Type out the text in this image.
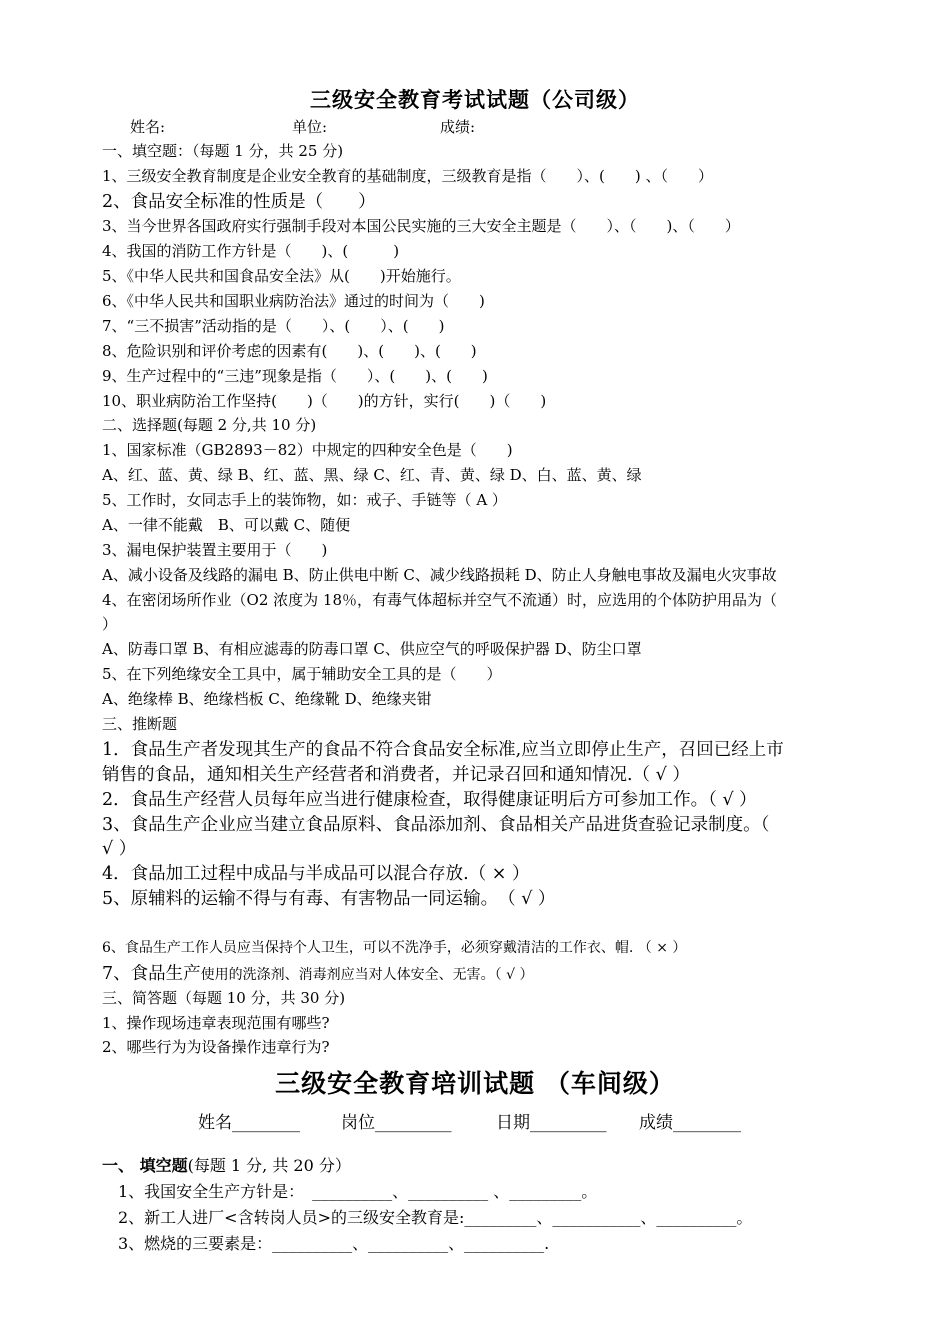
三级安全教育考试试题（公司级）
姓名:	单位:	成绩:
一、填空题：（每题 1 分，共 25 分)
1、三级安全教育制度是企业安全教育的基础制度，三级教育是指（　　）、(　　) 、（　　）
2、食品安全标准的性质是（　　）
3、当今世界各国政府实行强制手段对本国公民实施的三大安全主题是（　　）、（　　)、（　　）
4、我国的消防工作方针是（　　)、(　　　)
5、《中华人民共和国食品安全法》从(　　)开始施行。
6、《中华人民共和国职业病防治法》通过的时间为（　　)
7、“三不损害”活动指的是（　　）、(　　）、(　　)
8、危险识别和评价考虑的因素有(　　)、(　　)、(　　)
9、生产过程中的“三违”现象是指（　　）、(　　)、(　　)
10、职业病防治工作坚持(　　)（　　)的方针，实行(　　)（　　)
二、选择题(每题 2 分,共 10 分)
1、国家标准（GB2893－82）中规定的四种安全色是（　　)
A、红、蓝、黄、绿 B、红、蓝、黑、绿 C、红、青、黄、绿 D、白、蓝、黄、绿
5、工作时，女同志手上的装饰物，如：戒子、手链等（ A ）
A、一律不能戴　B、可以戴 C、随便
3、漏电保护装置主要用于（　　)
A、减小设备及线路的漏电 B、防止供电中断 C、减少线路损耗 D、防止人身触电事故及漏电火灾事故
4、在密闭场所作业（O2 浓度为 18％，有毒气体超标并空气不流通）时，应选用的个体防护用品为（
）
A、防毒口罩 B、有相应滤毒的防毒口罩 C、供应空气的呼吸保护器 D、防尘口罩
5、在下列绝缘安全工具中，属于辅助安全工具的是（　　）
A、绝缘棒 B、绝缘档板 C、绝缘靴 D、绝缘夹钳
三、推断题
1．食品生产者发现其生产的食品不符合食品安全标准,应当立即停止生产，召回已经上市
销售的食品，通知相关生产经营者和消费者，并记录召回和通知情况.（ √ ）
2．食品生产经营人员每年应当进行健康检查，取得健康证明后方可参加工作。（ √ ）
3、食品生产企业应当建立食品原料、食品添加剂、食品相关产品进货查验记录制度。（
√ ）
4．食品加工过程中成品与半成品可以混合存放.（ × ）
5、原辅料的运输不得与有毒、有害物品一同运输。　（ √ ）
6、食品生产工作人员应当保持个人卫生，可以不洗净手，必须穿戴清洁的工作衣、帽. （ × ）
7、食品生产使用的洗涤剂、消毒剂应当对人体安全、无害。（ √ ）
三、简答题（每题 10 分，共 30 分)
1、操作现场违章表现范围有哪些?
2、哪些行为为设备操作违章行为?
三级安全教育培训试题 （车间级）
姓名________ 岗位_________	日期_________ 成绩________
一、 填空题(每题 1 分, 共 20 分）
1、我国安全生产方针是：　__________、__________ 、_________。
2、新工人进厂<含转岗人员>的三级安全教育是:_________、___________、__________。
3、燃烧的三要素是：__________、__________、__________.
